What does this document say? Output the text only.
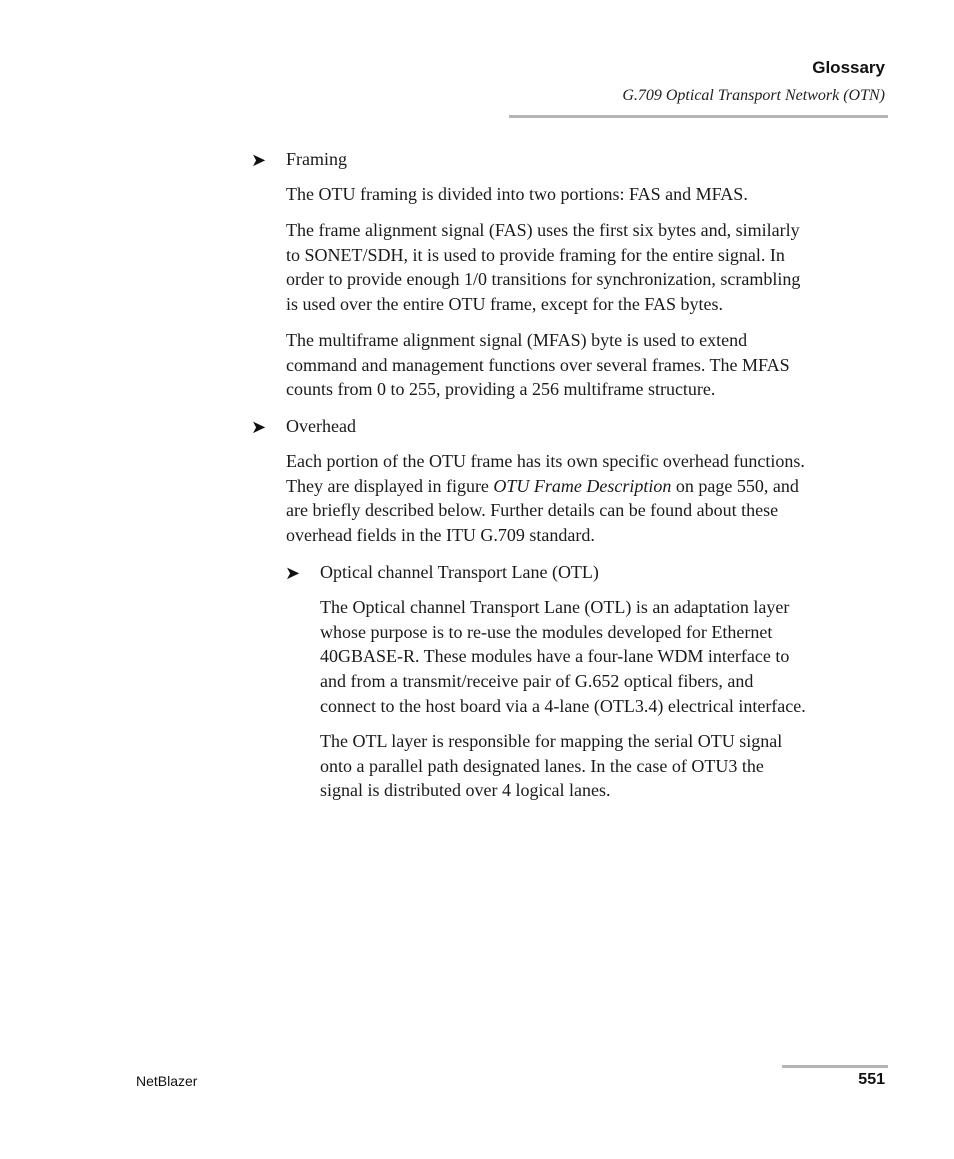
Glossary
G.709 Optical Transport Network (OTN)
➤ Framing

The OTU framing is divided into two portions: FAS and MFAS.

The frame alignment signal (FAS) uses the first six bytes and, similarly
to SONET/SDH, it is used to provide framing for the entire signal. In
order to provide enough 1/0 transitions for synchronization, scrambling
is used over the entire OTU frame, except for the FAS bytes.

The multiframe alignment signal (MFAS) byte is used to extend
command and management functions over several frames. The MFAS
counts from 0 to 255, providing a 256 multiframe structure.

➤ Overhead

Each portion of the OTU frame has its own specific overhead functions.
They are displayed in figure OTU Frame Description on page 550, and
are briefly described below. Further details can be found about these
overhead fields in the ITU G.709 standard.

➤ Optical channel Transport Lane (OTL)

The Optical channel Transport Lane (OTL) is an adaptation layer
whose purpose is to re-use the modules developed for Ethernet
40GBASE-R. These modules have a four-lane WDM interface to
and from a transmit/receive pair of G.652 optical fibers, and
connect to the host board via a 4-lane (OTL3.4) electrical interface.

The OTL layer is responsible for mapping the serial OTU signal
onto a parallel path designated lanes. In the case of OTU3 the
signal is distributed over 4 logical lanes.

NetBlazer	551
